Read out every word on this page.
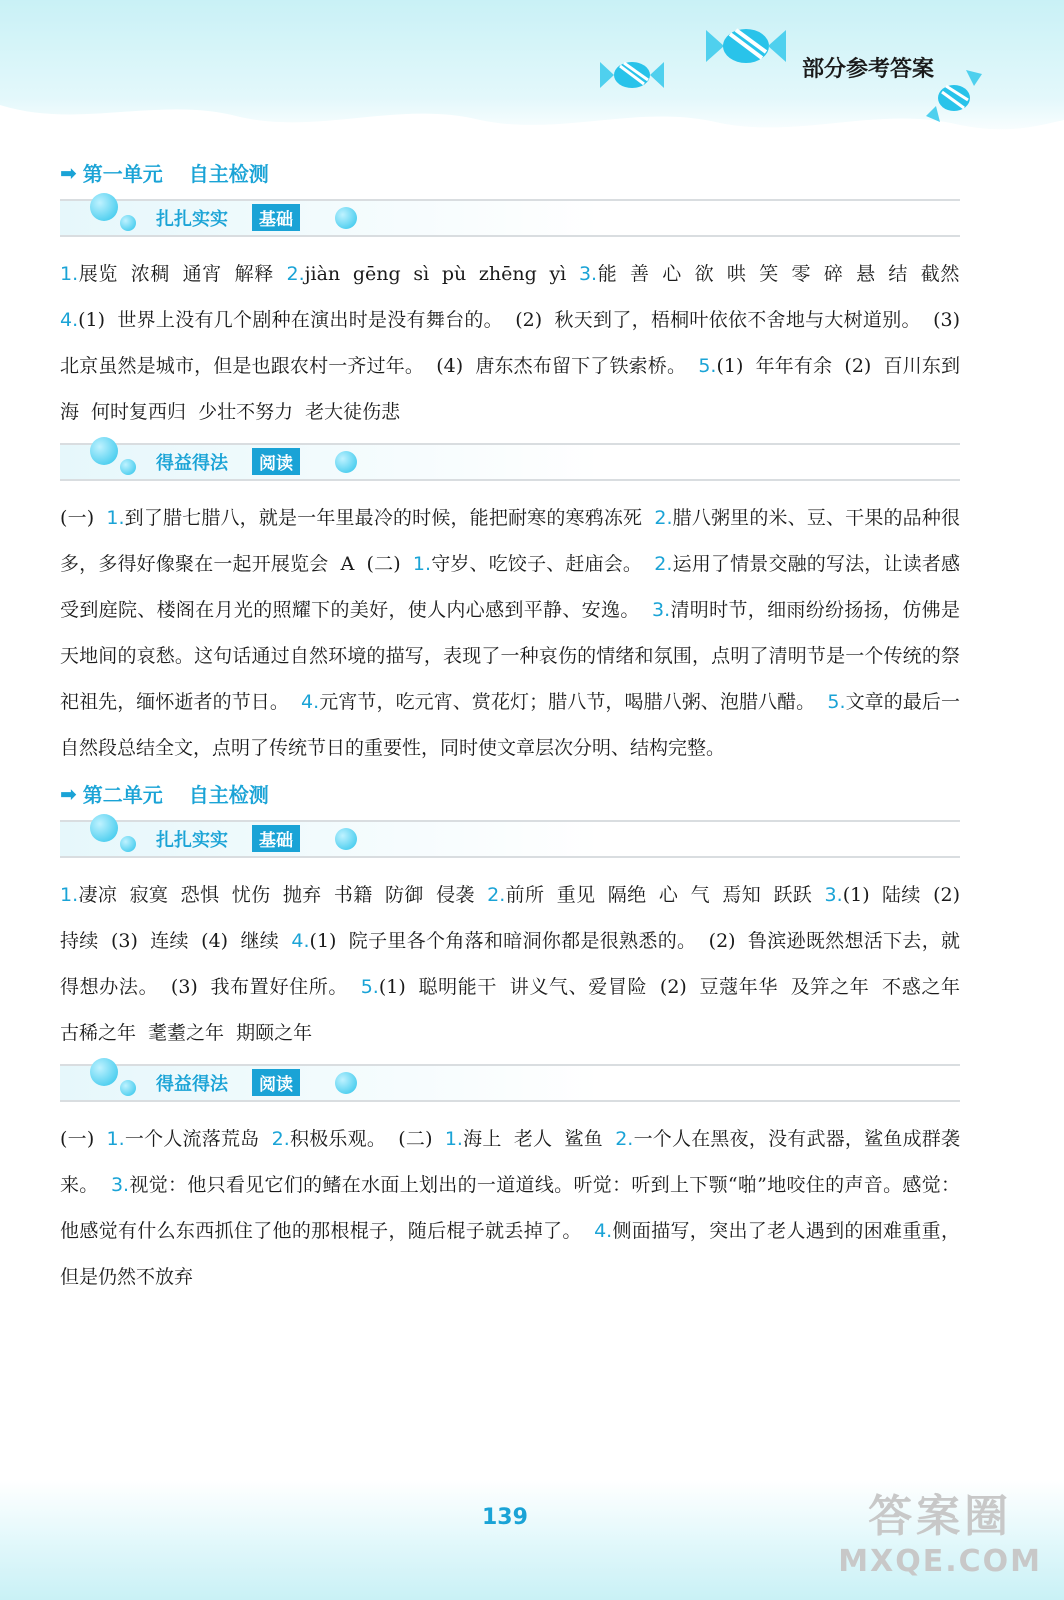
部分参考答案
➡ 第一单元 自主检测
扎扎实实	基础

1.展览 浓稠 通宵 解释 2.jiàn gēng sì pù zhēng yì 3.能 善 心 欲 哄 笑 零 碎 悬 结 截然 4.(1) 世界上没有几个剧种在演出时是没有舞台的。 (2) 秋天到了，梧桐叶依依不舍地与大树道别。 (3) 北京虽然是城市，但是也跟农村一齐过年。 (4) 唐东杰布留下了铁索桥。 5.(1) 年年有余 (2) 百川东到海 何时复西归 少壮不努力 老大徒伤悲

得益得法	阅读

(一) 1.到了腊七腊八，就是一年里最冷的时候，能把耐寒的寒鸦冻死 2.腊八粥里的米、豆、干果的品种很多，多得好像聚在一起开展览会 A (二) 1.守岁、吃饺子、赶庙会。 2.运用了情景交融的写法，让读者感受到庭院、楼阁在月光的照耀下的美好，使人内心感到平静、安逸。 3.清明时节，细雨纷纷扬扬，仿佛是天地间的哀愁。这句话通过自然环境的描写，表现了一种哀伤的情绪和氛围，点明了清明节是一个传统的祭祀祖先，缅怀逝者的节日。 4.元宵节，吃元宵、赏花灯；腊八节，喝腊八粥、泡腊八醋。 5.文章的最后一自然段总结全文，点明了传统节日的重要性，同时使文章层次分明、结构完整。

➡ 第二单元 自主检测
扎扎实实	基础

1.凄凉 寂寞 恐惧 忧伤 抛弃 书籍 防御 侵袭 2.前所 重见 隔绝 心 气 焉知 跃跃 3.(1) 陆续 (2) 持续 (3) 连续 (4) 继续 4.(1) 院子里各个角落和暗洞你都是很熟悉的。 (2) 鲁滨逊既然想活下去，就得想办法。 (3) 我布置好住所。 5.(1) 聪明能干 讲义气、爱冒险 (2) 豆蔻年华 及笄之年 不惑之年 古稀之年 耄耋之年 期颐之年

得益得法	阅读

(一) 1.一个人流落荒岛 2.积极乐观。 (二) 1.海上 老人 鲨鱼 2.一个人在黑夜，没有武器，鲨鱼成群袭来。 3.视觉：他只看见它们的鳍在水面上划出的一道道线。听觉：听到上下颚“啪”地咬住的声音。感觉：他感觉有什么东西抓住了他的那根棍子，随后棍子就丢掉了。 4.侧面描写，突出了老人遇到的困难重重，但是仍然不放弃

139	答案圈
MXQE.COM
